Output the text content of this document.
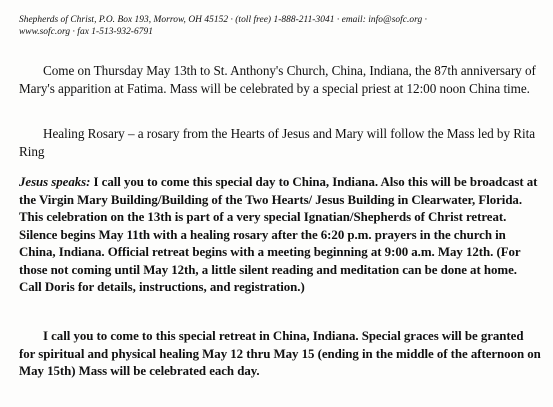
Shepherds of Christ, P.O. Box 193, Morrow, OH 45152 · (toll free) 1-888-211-3041 · email: info@sofc.org ·
www.sofc.org · fax 1-513-932-6791
Come on Thursday May 13th to St. Anthony's Church, China, Indiana, the 87th anniversary of Mary's apparition at Fatima. Mass will be celebrated by a special priest at 12:00 noon China time.
Healing Rosary – a rosary from the Hearts of Jesus and Mary will follow the Mass led by Rita Ring
Jesus speaks: I call you to come this special day to China, Indiana. Also this will be broadcast at the Virgin Mary Building/Building of the Two Hearts/ Jesus Building in Clearwater, Florida. This celebration on the 13th is part of a very special Ignatian/Shepherds of Christ retreat. Silence begins May 11th with a healing rosary after the 6:20 p.m. prayers in the church in China, Indiana. Official retreat begins with a meeting beginning at 9:00 a.m. May 12th. (For those not coming until May 12th, a little silent reading and meditation can be done at home. Call Doris for details, instructions, and registration.)
I call you to come to this special retreat in China, Indiana. Special graces will be granted for spiritual and physical healing May 12 thru May 15 (ending in the middle of the afternoon on May 15th) Mass will be celebrated each day.
